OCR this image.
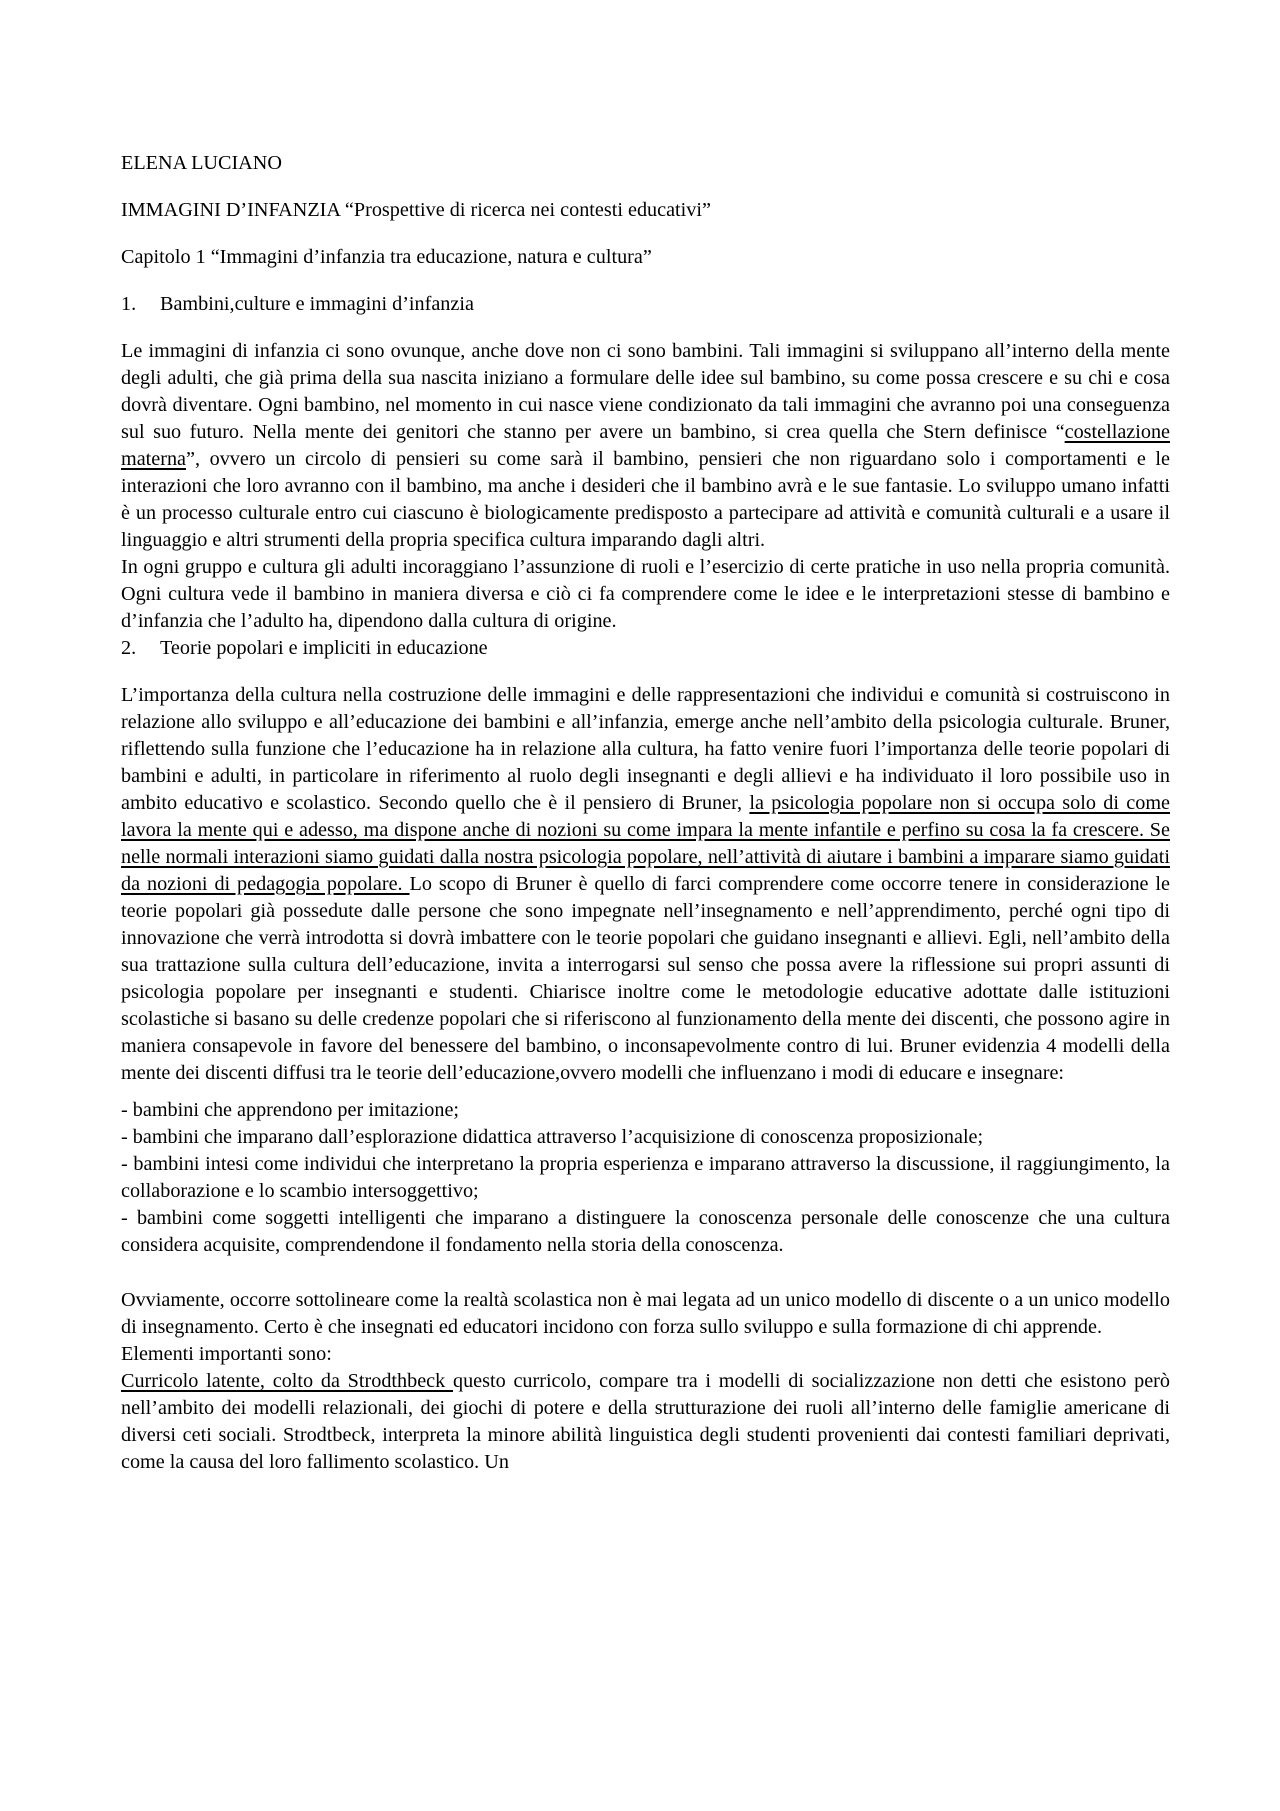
ELENA LUCIANO

IMMAGINI D’INFANZIA “Prospettive di ricerca nei contesti educativi”

Capitolo 1 “Immagini d’infanzia tra educazione, natura e cultura”

1.	Bambini,culture e immagini d’infanzia

Le immagini di infanzia ci sono ovunque, anche dove non ci sono bambini. Tali immagini si sviluppano all’interno della mente degli adulti, che già prima della sua nascita iniziano a formulare delle idee sul bambino, su come possa crescere e su chi e cosa dovrà diventare. Ogni bambino, nel momento in cui nasce viene condizionato da tali immagini che avranno poi una conseguenza sul suo futuro. Nella mente dei genitori che stanno per avere un bambino, si crea quella che Stern definisce “costellazione materna”, ovvero un circolo di pensieri su come sarà il bambino, pensieri che non riguardano solo i comportamenti e le interazioni che loro avranno con il bambino, ma anche i desideri che il bambino avrà e le sue fantasie. Lo sviluppo umano infatti è un processo culturale entro cui ciascuno è biologicamente predisposto a partecipare ad attività e comunità culturali e a usare il linguaggio e altri strumenti della propria specifica cultura imparando dagli altri.

In ogni gruppo e cultura gli adulti incoraggiano l’assunzione di ruoli e l’esercizio di certe pratiche in uso nella propria comunità. Ogni cultura vede il bambino in maniera diversa e ciò ci fa comprendere come le idee e le interpretazioni stesse di bambino e d’infanzia che l’adulto ha, dipendono dalla cultura di origine.

2.	Teorie popolari e impliciti in educazione

L’importanza della cultura nella costruzione delle immagini e delle rappresentazioni che individui e comunità si costruiscono in relazione allo sviluppo e all’educazione dei bambini e all’infanzia, emerge anche nell’ambito della psicologia culturale. Bruner, riflettendo sulla funzione che l’educazione ha in relazione alla cultura, ha fatto venire fuori l’importanza delle teorie popolari di bambini e adulti, in particolare in riferimento al ruolo degli insegnanti e degli allievi e ha individuato il loro possibile uso in ambito educativo e scolastico. Secondo quello che è il pensiero di Bruner, la psicologia popolare non si occupa solo di come lavora la mente qui e adesso, ma dispone anche di nozioni su come impara la mente infantile e perfino su cosa la fa crescere. Se nelle normali interazioni siamo guidati dalla nostra psicologia popolare, nell’attività di aiutare i bambini a imparare siamo guidati da nozioni di pedagogia popolare. Lo scopo di Bruner è quello di farci comprendere come occorre tenere in considerazione le teorie popolari già possedute dalle persone che sono impegnate nell’insegnamento e nell’apprendimento, perché ogni tipo di innovazione che verrà introdotta si dovrà imbattere con le teorie popolari che guidano insegnanti e allievi. Egli, nell’ambito della sua trattazione sulla cultura dell’educazione, invita a interrogarsi sul senso che possa avere la riflessione sui propri assunti di psicologia popolare per insegnanti e studenti. Chiarisce inoltre come le metodologie educative adottate dalle istituzioni scolastiche si basano su delle credenze popolari che si riferiscono al funzionamento della mente dei discenti, che possono agire in maniera consapevole in favore del benessere del bambino, o inconsapevolmente contro di lui. Bruner evidenzia 4 modelli della mente dei discenti diffusi tra le teorie dell’educazione,ovvero modelli che influenzano i modi di educare e insegnare:

- bambini che apprendono per imitazione;

- bambini che imparano dall’esplorazione didattica attraverso l’acquisizione di conoscenza proposizionale;

- bambini intesi come individui che interpretano la propria esperienza e imparano attraverso la discussione, il raggiungimento, la collaborazione e lo scambio intersoggettivo;

- bambini come soggetti intelligenti che imparano a distinguere la conoscenza personale delle conoscenze che una cultura considera acquisite, comprendendone il fondamento nella storia della conoscenza.

Ovviamente, occorre sottolineare come la realtà scolastica non è mai legata ad un unico modello di discente o a un unico modello di insegnamento. Certo è che insegnati ed educatori incidono con forza sullo sviluppo e sulla formazione di chi apprende.

Elementi importanti sono:

Curricolo latente, colto da Strodthbeck questo curricolo, compare tra i modelli di socializzazione non detti che esistono però nell’ambito dei modelli relazionali, dei giochi di potere e della strutturazione dei ruoli all’interno delle famiglie americane di diversi ceti sociali. Strodtbeck, interpreta la minore abilità linguistica degli studenti provenienti dai contesti familiari deprivati, come la causa del loro fallimento scolastico. Un
